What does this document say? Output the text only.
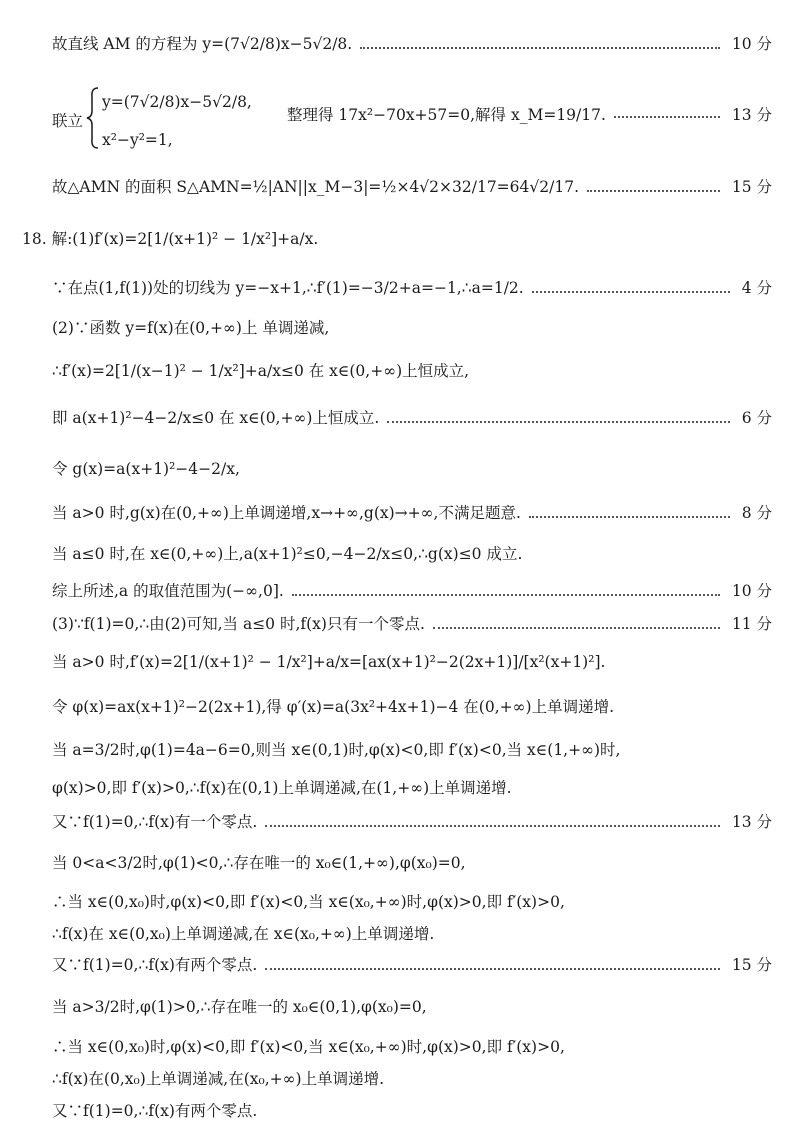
故直线 AM 的方程为 y=(7√2/8)x−5√2/8.	10 分
联立
y=(7√2/8)x−5√2/8,
x²−y²=1,
整理得 17x²−70x+57=0,解得 x_M=19/17.	13 分
故△AMN 的面积 S△AMN=½|AN||x_M−3|=½×4√2×32/17=64√2/17.	15 分
18. 解:(1)f′(x)=2[1/(x+1)² − 1/x²]+a/x.
∵在点(1,f(1))处的切线为 y=−x+1,∴f′(1)=−3/2+a=−1,∴a=1/2.	4 分
(2)∵函数 y=f(x)在(0,+∞)上 单调递减,
∴f′(x)=2[1/(x−1)² − 1/x²]+a/x≤0 在 x∈(0,+∞)上恒成立,
即 a(x+1)²−4−2/x≤0 在 x∈(0,+∞)上恒成立.	6 分
令 g(x)=a(x+1)²−4−2/x,
当 a>0 时,g(x)在(0,+∞)上单调递增,x→+∞,g(x)→+∞,不满足题意.	8 分
当 a≤0 时,在 x∈(0,+∞)上,a(x+1)²≤0,−4−2/x≤0,∴g(x)≤0 成立.
综上所述,a 的取值范围为(−∞,0].	10 分
(3)∵f(1)=0,∴由(2)可知,当 a≤0 时,f(x)只有一个零点.	11 分
当 a>0 时,f′(x)=2[1/(x+1)² − 1/x²]+a/x=[ax(x+1)²−2(2x+1)]/[x²(x+1)²].
令 φ(x)=ax(x+1)²−2(2x+1),得 φ′(x)=a(3x²+4x+1)−4 在(0,+∞)上单调递增.
当 a=3/2时,φ(1)=4a−6=0,则当 x∈(0,1)时,φ(x)<0,即 f′(x)<0,当 x∈(1,+∞)时,
φ(x)>0,即 f′(x)>0,∴f(x)在(0,1)上单调递减,在(1,+∞)上单调递增.
又∵f(1)=0,∴f(x)有一个零点.	13 分
当 0<a<3/2时,φ(1)<0,∴存在唯一的 x₀∈(1,+∞),φ(x₀)=0,
∴当 x∈(0,x₀)时,φ(x)<0,即 f′(x)<0,当 x∈(x₀,+∞)时,φ(x)>0,即 f′(x)>0,
∴f(x)在 x∈(0,x₀)上单调递减,在 x∈(x₀,+∞)上单调递增.
又∵f(1)=0,∴f(x)有两个零点.	15 分
当 a>3/2时,φ(1)>0,∴存在唯一的 x₀∈(0,1),φ(x₀)=0,
∴当 x∈(0,x₀)时,φ(x)<0,即 f′(x)<0,当 x∈(x₀,+∞)时,φ(x)>0,即 f′(x)>0,
∴f(x)在(0,x₀)上单调递减,在(x₀,+∞)上单调递增.
又∵f(1)=0,∴f(x)有两个零点.
